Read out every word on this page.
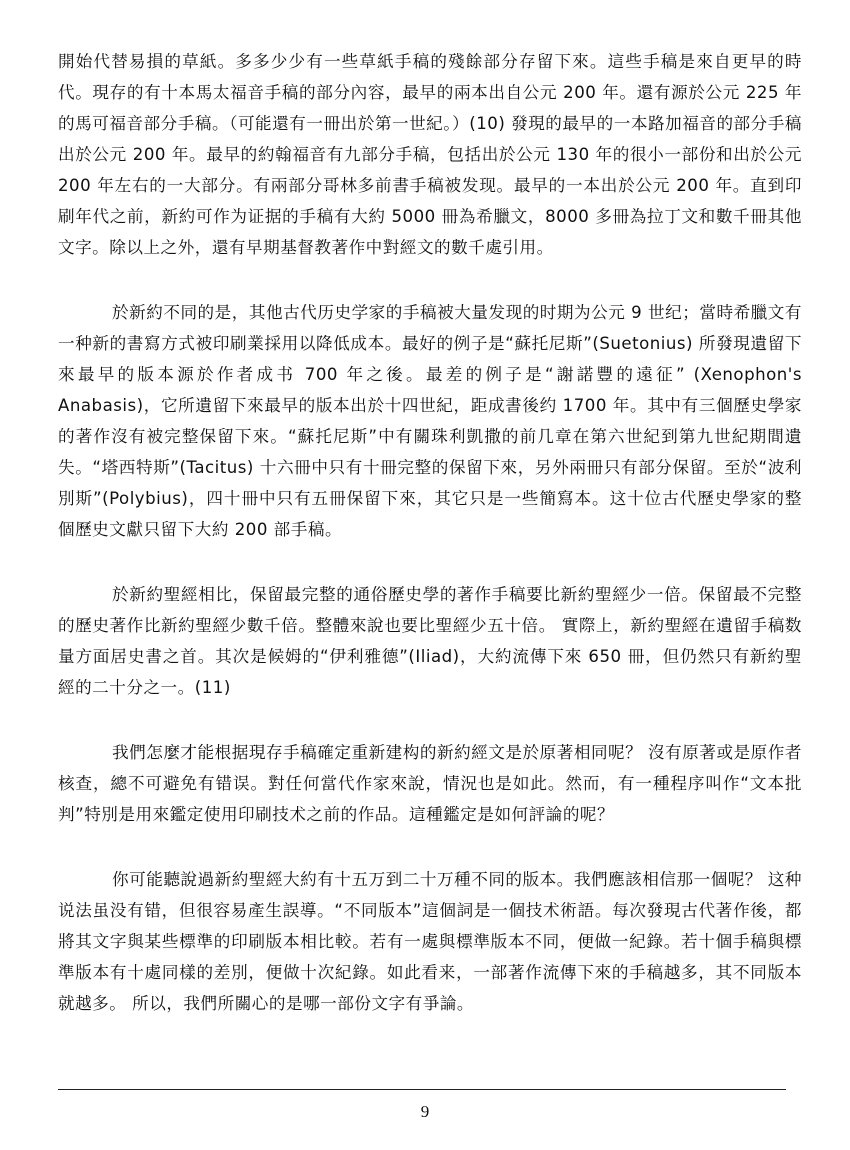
開始代替易損的草紙。多多少少有一些草紙手稿的殘餘部分存留下來。這些手稿是來自更早的時代。現存的有十本馬太福音手稿的部分內容，最早的兩本出自公元 200 年。還有源於公元 225 年的馬可福音部分手稿。（可能還有一冊出於第一世紀。）(10) 發現的最早的一本路加福音的部分手稿出於公元 200 年。最早的約翰福音有九部分手稿，包括出於公元 130 年的很小一部份和出於公元 200 年左右的一大部分。有兩部分哥林多前書手稿被发现。最早的一本出於公元 200 年。直到印刷年代之前，新約可作为证据的手稿有大約 5000 冊為希臘文，8000 多冊為拉丁文和數千冊其他文字。除以上之外，還有早期基督教著作中對經文的數千處引用。

於新約不同的是，其他古代历史学家的手稿被大量发现的时期为公元 9 世纪；當時希臘文有一种新的書寫方式被印刷業採用以降低成本。最好的例子是“蘇托尼斯”(Suetonius) 所發現遺留下來最早的版本源於作者成书 700 年之後。最差的例子是“謝諾豐的遠征” (Xenophon's Anabasis)，它所遺留下來最早的版本出於十四世紀，距成書後约 1700 年。其中有三個歷史學家的著作沒有被完整保留下來。“蘇托尼斯”中有關珠利凱撒的前几章在第六世紀到第九世紀期間遺失。“塔西特斯”(Tacitus) 十六冊中只有十冊完整的保留下來，另外兩冊只有部分保留。至於“波利別斯”(Polybius)，四十冊中只有五冊保留下來，其它只是一些簡寫本。这十位古代歷史學家的整個歷史文獻只留下大約 200 部手稿。

於新約聖經相比，保留最完整的通俗歷史學的著作手稿要比新約聖經少一倍。保留最不完整的歷史著作比新約聖經少數千倍。整體來說也要比聖經少五十倍。 實際上，新約聖經在遺留手稿数量方面居史書之首。其次是候姆的“伊利雅德”(Iliad)，大約流傳下來 650 冊，但仍然只有新約聖經的二十分之一。(11)

我們怎麼才能根据現存手稿確定重新建构的新約經文是於原著相同呢？ 沒有原著或是原作者核查，總不可避免有错误。對任何當代作家來說，情況也是如此。然而，有一種程序叫作“文本批判”特別是用來鑑定使用印刷技术之前的作品。這種鑑定是如何評論的呢？

你可能聽說過新約聖經大約有十五万到二十万種不同的版本。我們應該相信那一個呢？ 这种说法虽没有错，但很容易產生誤導。“不同版本”這個詞是一個技术術語。每次發現古代著作後，都將其文字與某些標準的印刷版本相比較。若有一處與標準版本不同，便做一紀錄。若十個手稿與標準版本有十處同樣的差別，便做十次紀錄。如此看来，一部著作流傳下來的手稿越多，其不同版本就越多。 所以，我們所關心的是哪一部份文字有爭論。

9
